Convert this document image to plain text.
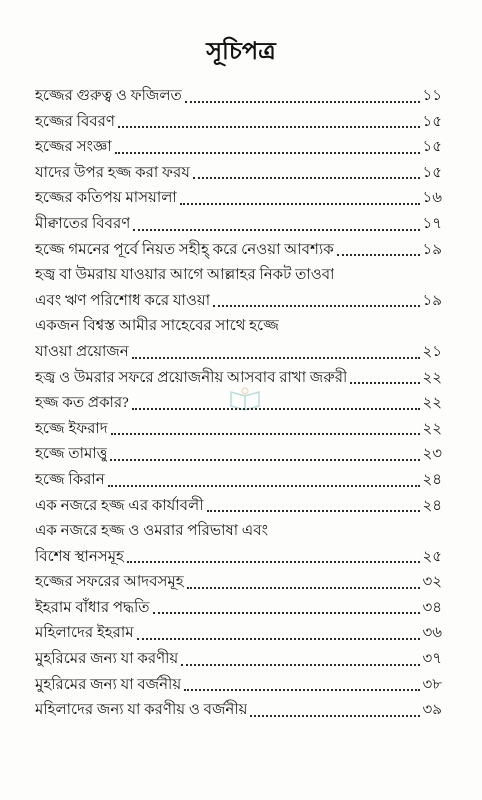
সূচিপত্র
হজ্জের গুরুত্ব ও ফজিলত	১১
হজ্জের বিবরণ	১৫
হজ্জের সংজ্ঞা	১৫
যাদের উপর হজ্জ করা ফরয	১৫
হজ্জের কতিপয় মাসয়ালা	১৬
মীক্বাতের বিবরণ	১৭
হজ্জে গমনের পূর্বে নিয়ত সহীহ্ করে নেওয়া আবশ্যক	১৯
হজ্ব বা উমরায় যাওয়ার আগে আল্লাহর নিকট তাওবা
এবং ঋণ পরিশোধ করে যাওয়া	১৯
একজন বিশ্বস্ত আমীর সাহেবের সাথে হজ্জে
যাওয়া প্রয়োজন	২১
হজ্ব ও উমরার সফরে প্রয়োজনীয় আসবাব রাখা জরুরী	২২
হজ্জ কত প্রকার?	২২
হজ্জে ইফরাদ	২২
হজ্জে তামাত্তু	২৩
হজ্জে কিরান	২৪
এক নজরে হজ্জ এর কার্যাবলী	২৪
এক নজরে হজ্জ ও ওমরার পরিভাষা এবং
বিশেষ স্থানসমূহ	২৫
হজ্জের সফরের আদবসমূহ	৩২
ইহরাম বাঁধার পদ্ধতি	৩৪
মহিলাদের ইহরাম	৩৬
মুহরিমের জন্য যা করণীয়	৩৭
মুহরিমের জন্য যা বর্জনীয়	৩৮
মহিলাদের জন্য যা করণীয় ও বর্জনীয়	৩৯
